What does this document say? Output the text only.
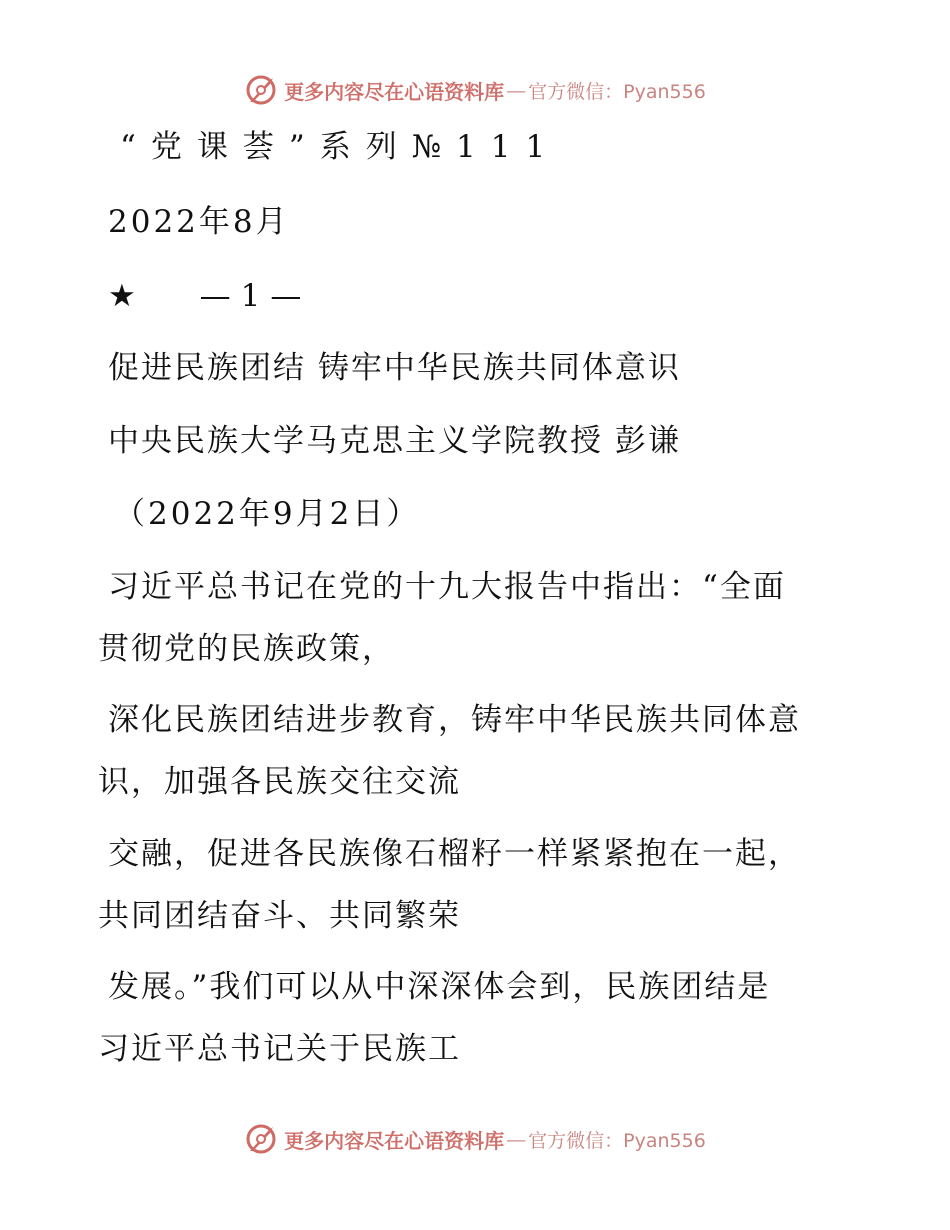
更多内容尽在心语资料库 — 官方微信：Pyan556
“党课荟”系列№111
2022年8月
★ —1—
促进民族团结 铸牢中华民族共同体意识
中央民族大学马克思主义学院教授 彭谦
（2022年9月2日）
习近平总书记在党的十九大报告中指出：“全面
贯彻党的民族政策，
深化民族团结进步教育，铸牢中华民族共同体意
识，加强各民族交往交流
交融，促进各民族像石榴籽一样紧紧抱在一起，
共同团结奋斗、共同繁荣
发展。”我们可以从中深深体会到，民族团结是
习近平总书记关于民族工
更多内容尽在心语资料库 — 官方微信：Pyan556
